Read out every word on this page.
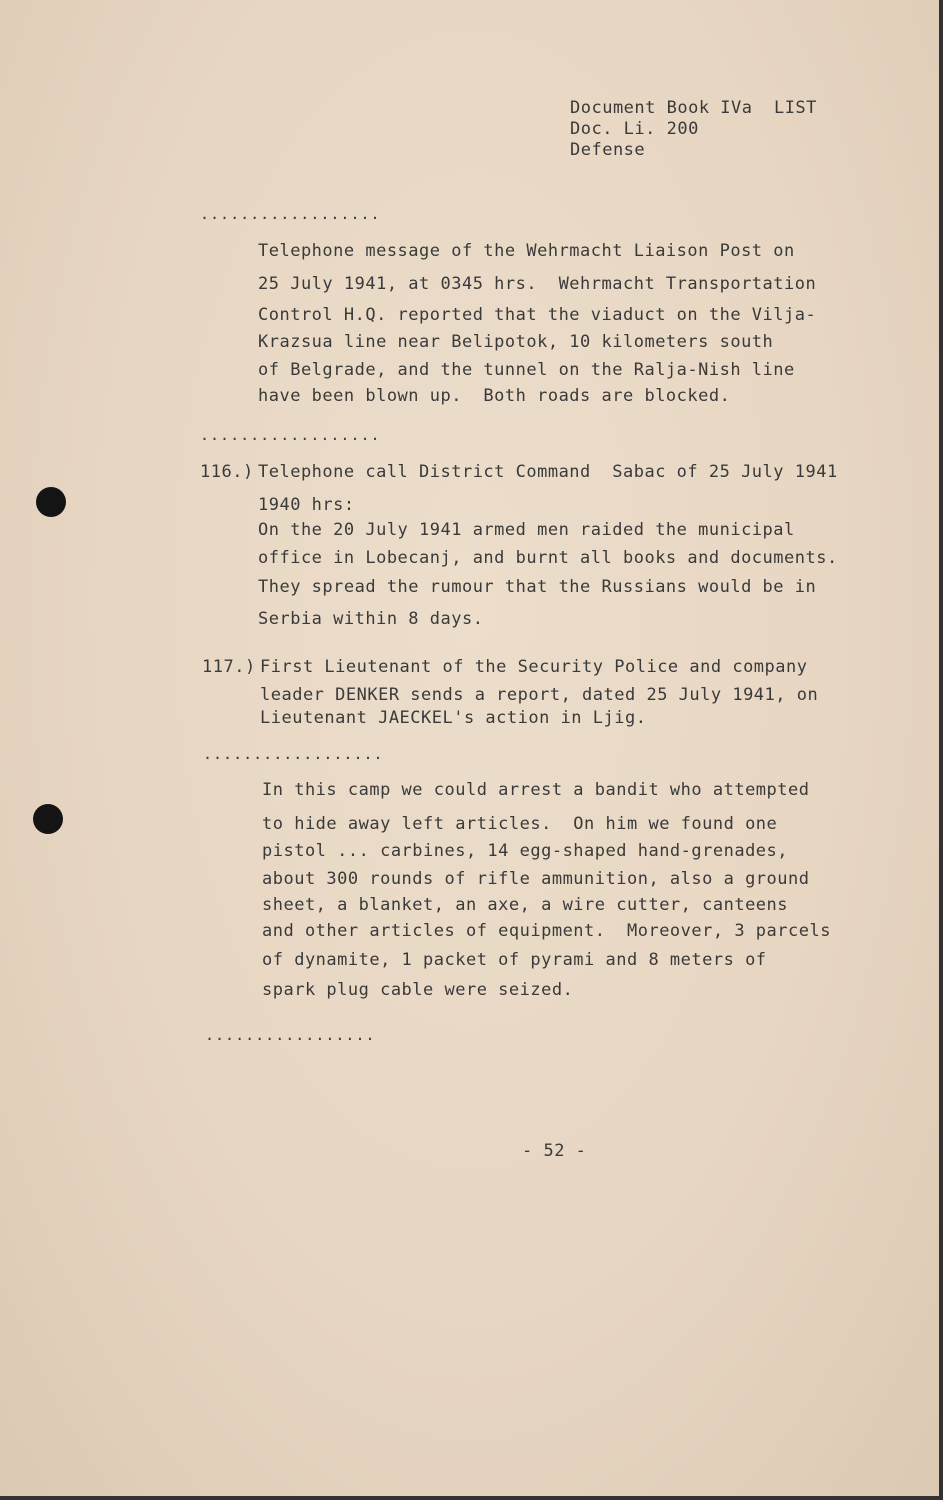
Document Book IVa  LIST
Doc. Li. 200
Defense
..................
Telephone message of the Wehrmacht Liaison Post on
25 July 1941, at 0345 hrs.  Wehrmacht Transportation
Control H.Q. reported that the viaduct on the Vilja-
Krazsua line near Belipotok, 10 kilometers south
of Belgrade, and the tunnel on the Ralja-Nish line
have been blown up.  Both roads are blocked.
..................
116.) Telephone call District Command  Sabac of 25 July 1941
1940 hrs:
On the 20 July 1941 armed men raided the municipal
office in Lobecanj, and burnt all books and documents.
They spread the rumour that the Russians would be in
Serbia within 8 days.
117.) First Lieutenant of the Security Police and company
leader DENKER sends a report, dated 25 July 1941, on
Lieutenant JAECKEL's action in Ljig.
..................
In this camp we could arrest a bandit who attempted
to hide away left articles.  On him we found one
pistol ... carbines, 14 egg-shaped hand-grenades,
about 300 rounds of rifle ammunition, also a ground
sheet, a blanket, an axe, a wire cutter, canteens
and other articles of equipment.  Moreover, 3 parcels
of dynamite, 1 packet of pyrami and 8 meters of
spark plug cable were seized.
.................
- 52 -
